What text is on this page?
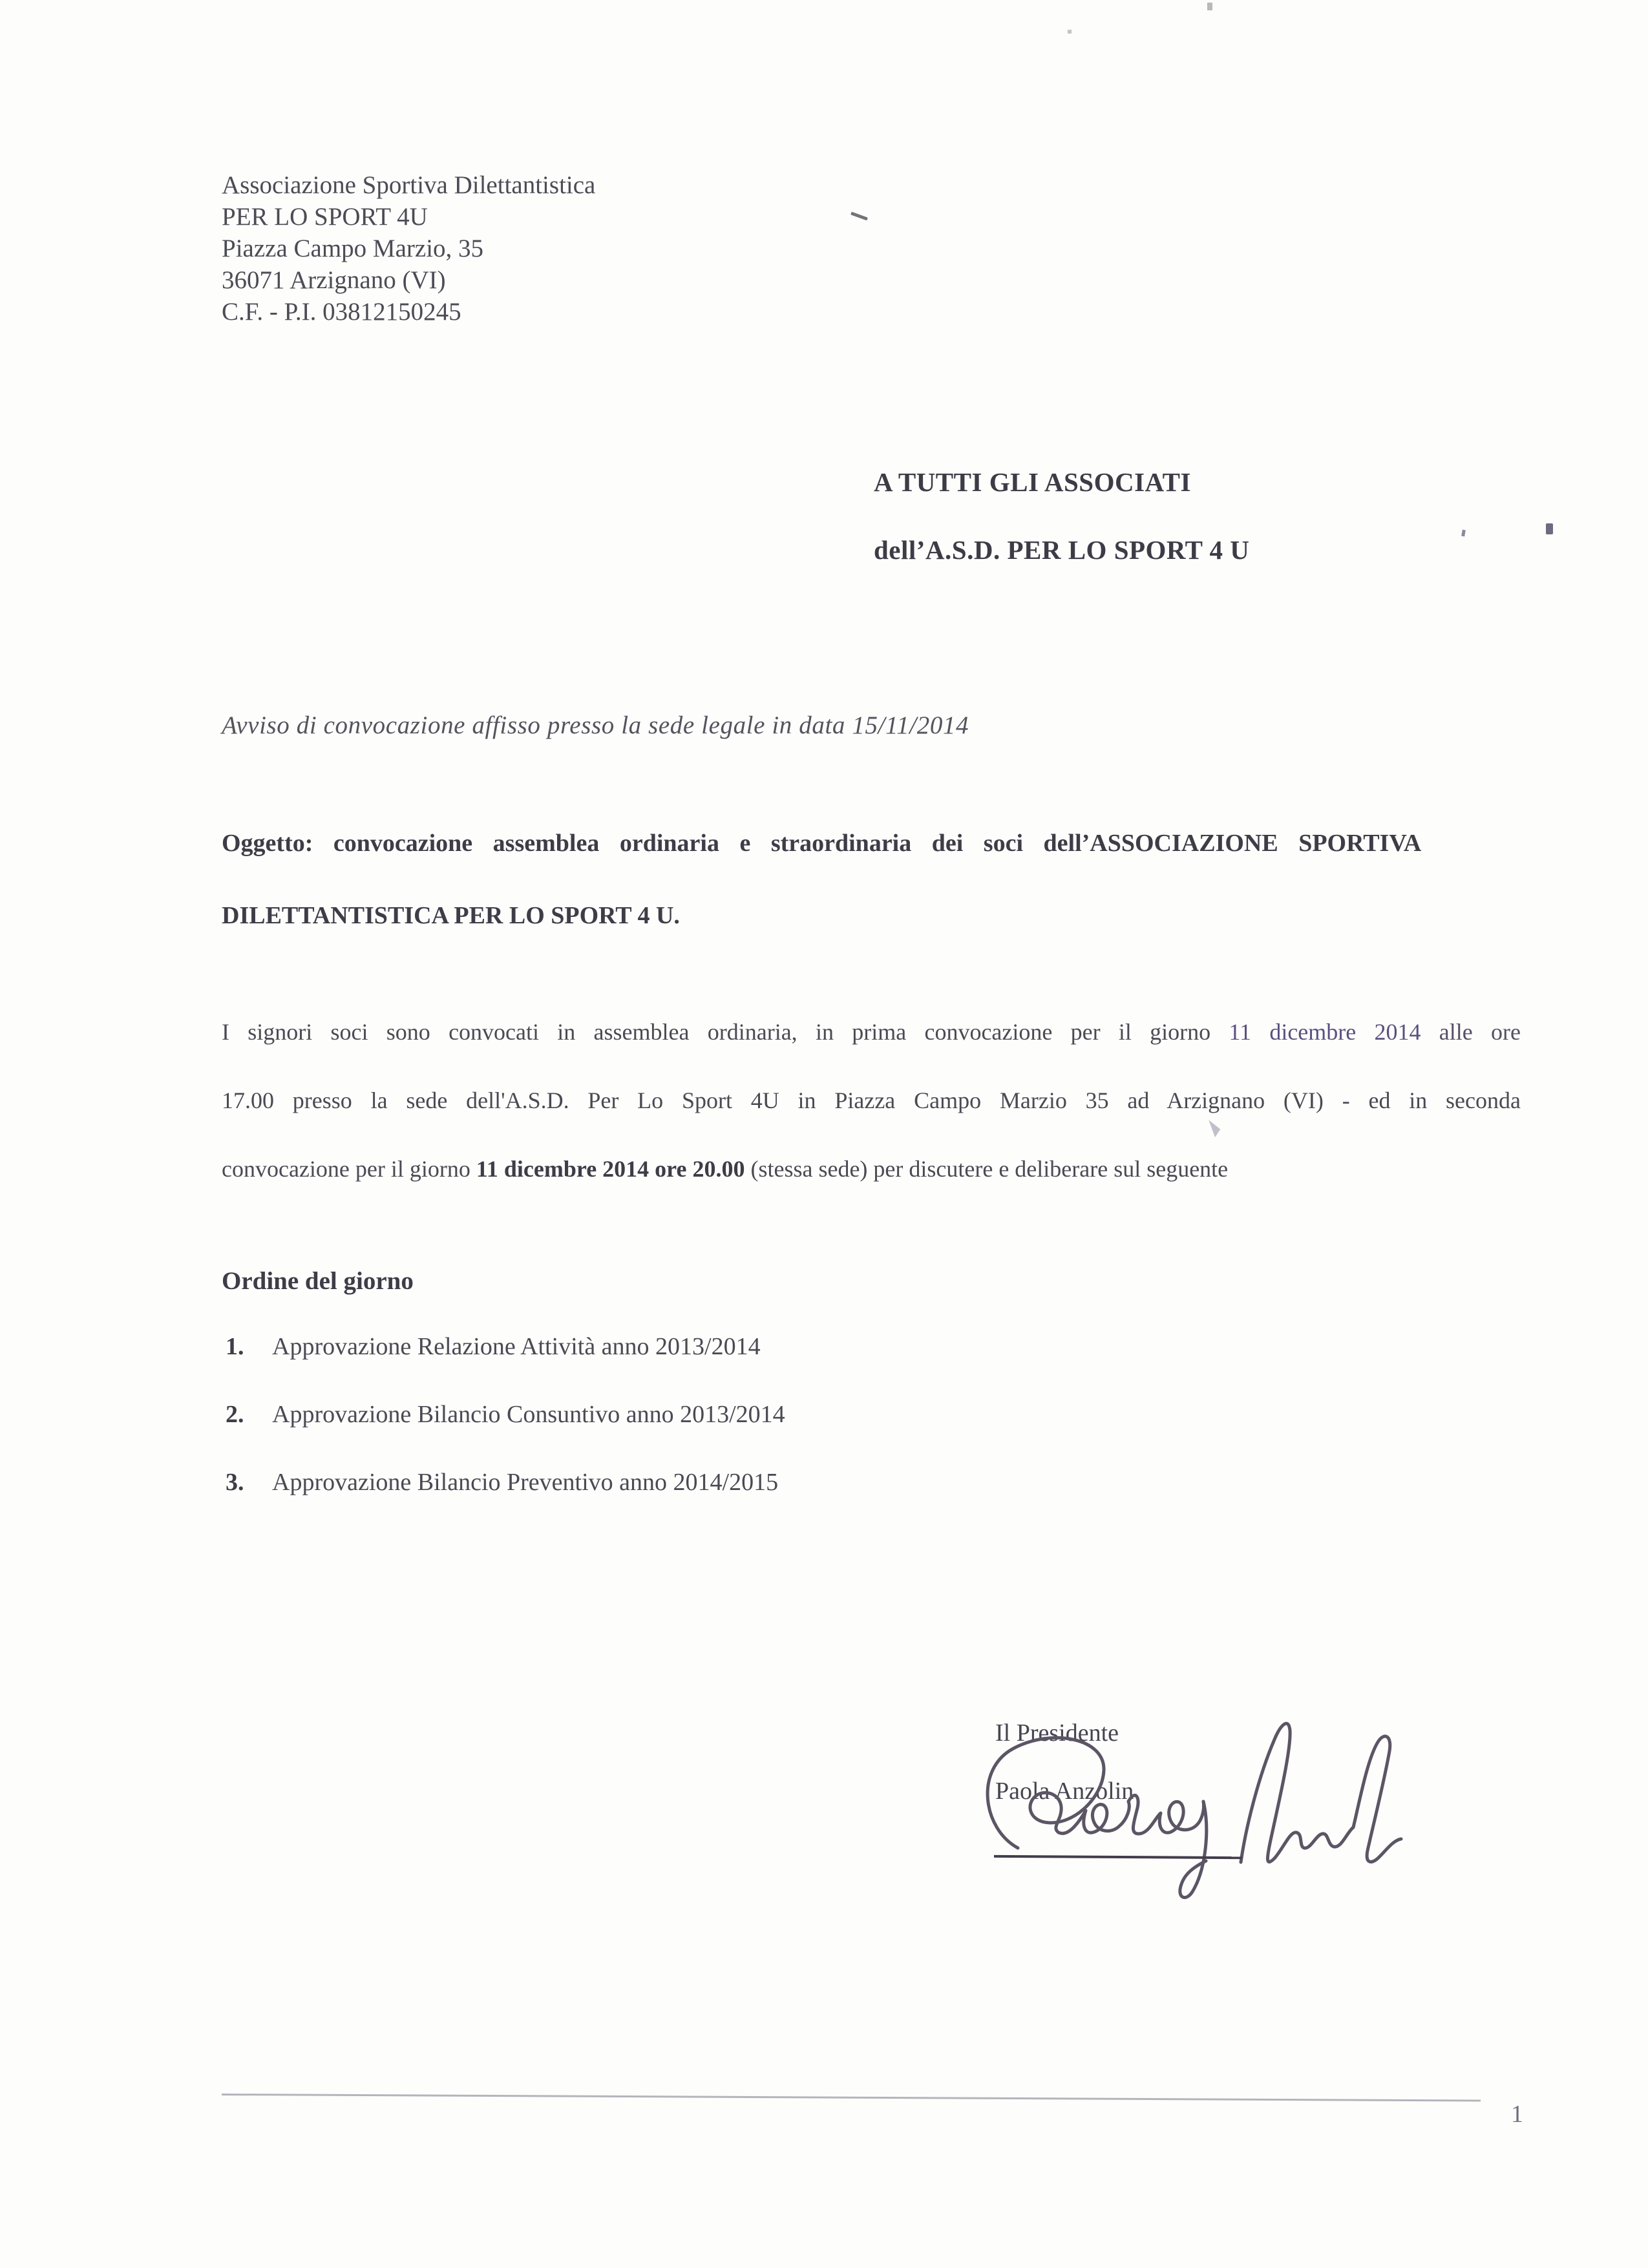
Associazione Sportiva Dilettantistica
PER LO SPORT 4U
Piazza Campo Marzio, 35
36071 Arzignano (VI)
C.F. - P.I. 03812150245
A TUTTI GLI ASSOCIATI
dell’A.S.D. PER LO SPORT 4 U
Avviso di convocazione affisso presso la sede legale in data 15/11/2014
Oggetto: convocazione assemblea ordinaria e straordinaria dei soci dell’ASSOCIAZIONE SPORTIVA
DILETTANTISTICA PER LO SPORT 4 U.
I signori soci sono convocati in assemblea ordinaria, in prima convocazione per il giorno 11 dicembre 2014 alle ore
17.00 presso la sede dell'A.S.D. Per Lo Sport 4U in Piazza Campo Marzio 35 ad Arzignano (VI) - ed in seconda
convocazione per il giorno 11 dicembre 2014 ore 20.00 (stessa sede) per discutere e deliberare sul seguente
Ordine del giorno
1. Approvazione Relazione Attività anno 2013/2014
2. Approvazione Bilancio Consuntivo anno 2013/2014
3. Approvazione Bilancio Preventivo anno 2014/2015
Il Presidente
Paola Anzolin
1
